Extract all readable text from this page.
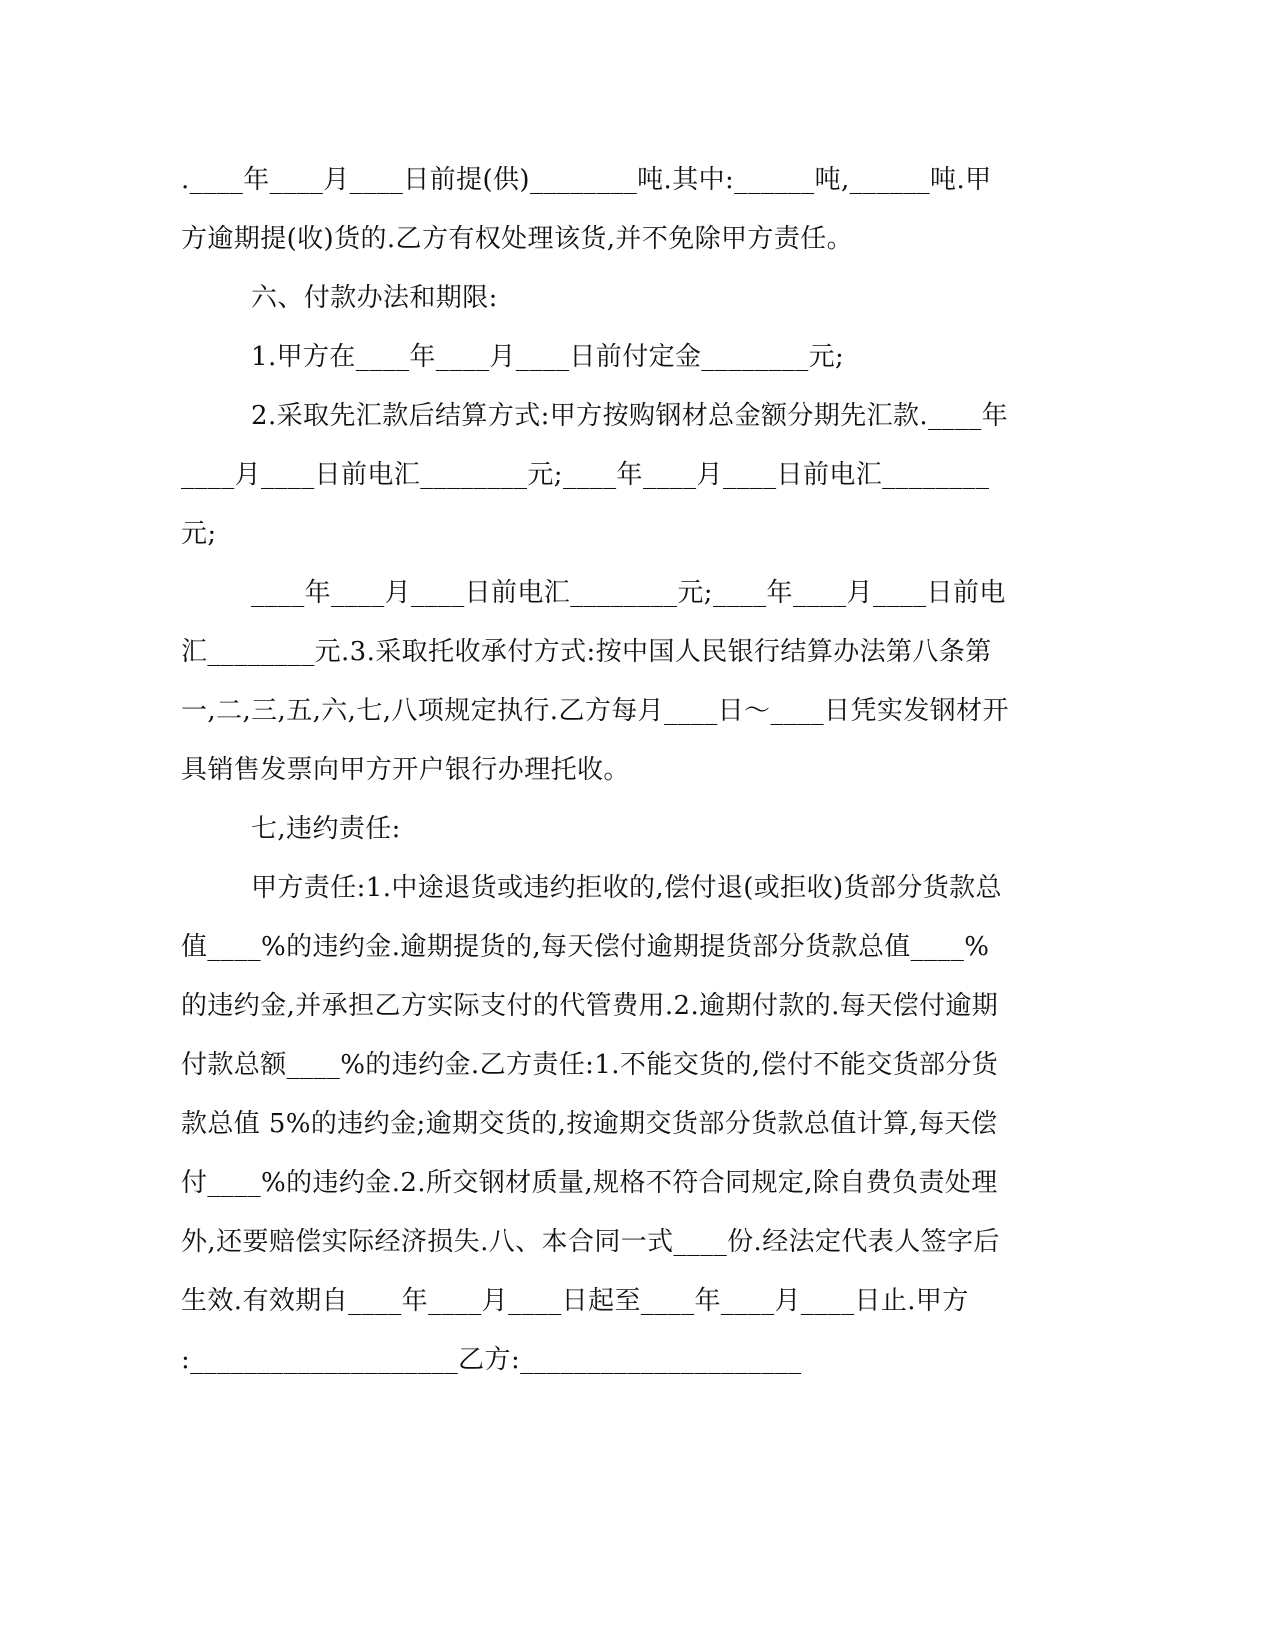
.____年____月____日前提(供)________吨.其中:______吨,______吨.甲
方逾期提(收)货的.乙方有权处理该货,并不免除甲方责任。
六、付款办法和期限:
1.甲方在____年____月____日前付定金________元;
2.采取先汇款后结算方式:甲方按购钢材总金额分期先汇款.____年
____月____日前电汇________元;____年____月____日前电汇________
元;
____年____月____日前电汇________元;____年____月____日前电
汇________元.3.采取托收承付方式:按中国人民银行结算办法第八条第
一,二,三,五,六,七,八项规定执行.乙方每月____日～____日凭实发钢材开
具销售发票向甲方开户银行办理托收。
七,违约责任:
甲方责任:1.中途退货或违约拒收的,偿付退(或拒收)货部分货款总
值____%的违约金.逾期提货的,每天偿付逾期提货部分货款总值____%
的违约金,并承担乙方实际支付的代管费用.2.逾期付款的.每天偿付逾期
付款总额____%的违约金.乙方责任:1.不能交货的,偿付不能交货部分货
款总值 5%的违约金;逾期交货的,按逾期交货部分货款总值计算,每天偿
付____%的违约金.2.所交钢材质量,规格不符合同规定,除自费负责处理
外,还要赔偿实际经济损失.八、本合同一式____份.经法定代表人签字后
生效.有效期自____年____月____日起至____年____月____日止.甲方
:____________________乙方:_____________________
